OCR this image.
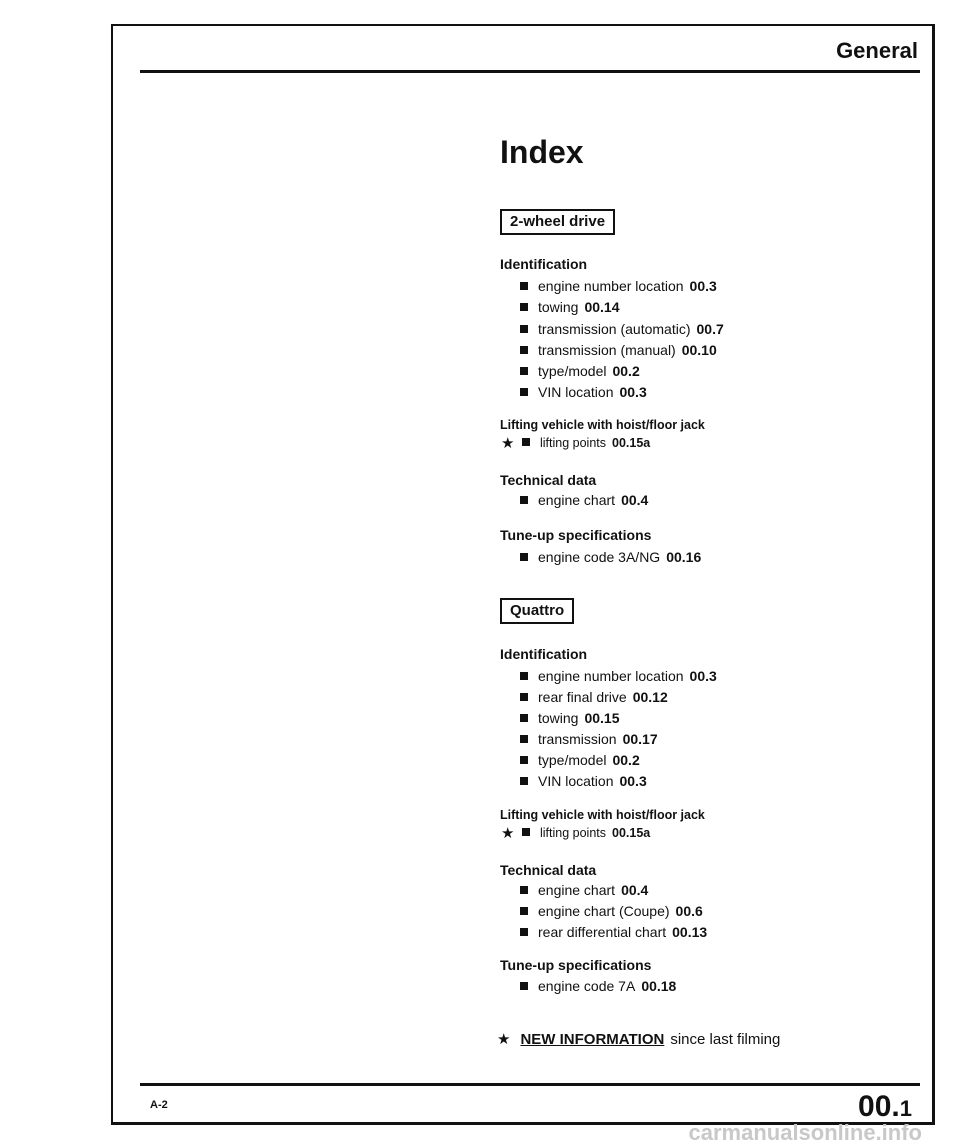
General
Index
2-wheel drive
Identification
engine number location 00.3
towing 00.14
transmission (automatic) 00.7
transmission (manual) 00.10
type/model 00.2
VIN location 00.3
Lifting vehicle with hoist/floor jack
★	lifting points 00.15a
Technical data
engine chart 00.4
Tune-up specifications
engine code 3A/NG 00.16
Quattro
Identification
engine number location 00.3
rear final drive 00.12
towing 00.15
transmission 00.17
type/model 00.2
VIN location 00.3
Lifting vehicle with hoist/floor jack
★	lifting points 00.15a
Technical data
engine chart 00.4
engine chart (Coupe) 00.6
rear differential chart 00.13
Tune-up specifications
engine code 7A 00.18
★ NEW INFORMATION since last filming
A-2	00.1
carmanualsonline.info
